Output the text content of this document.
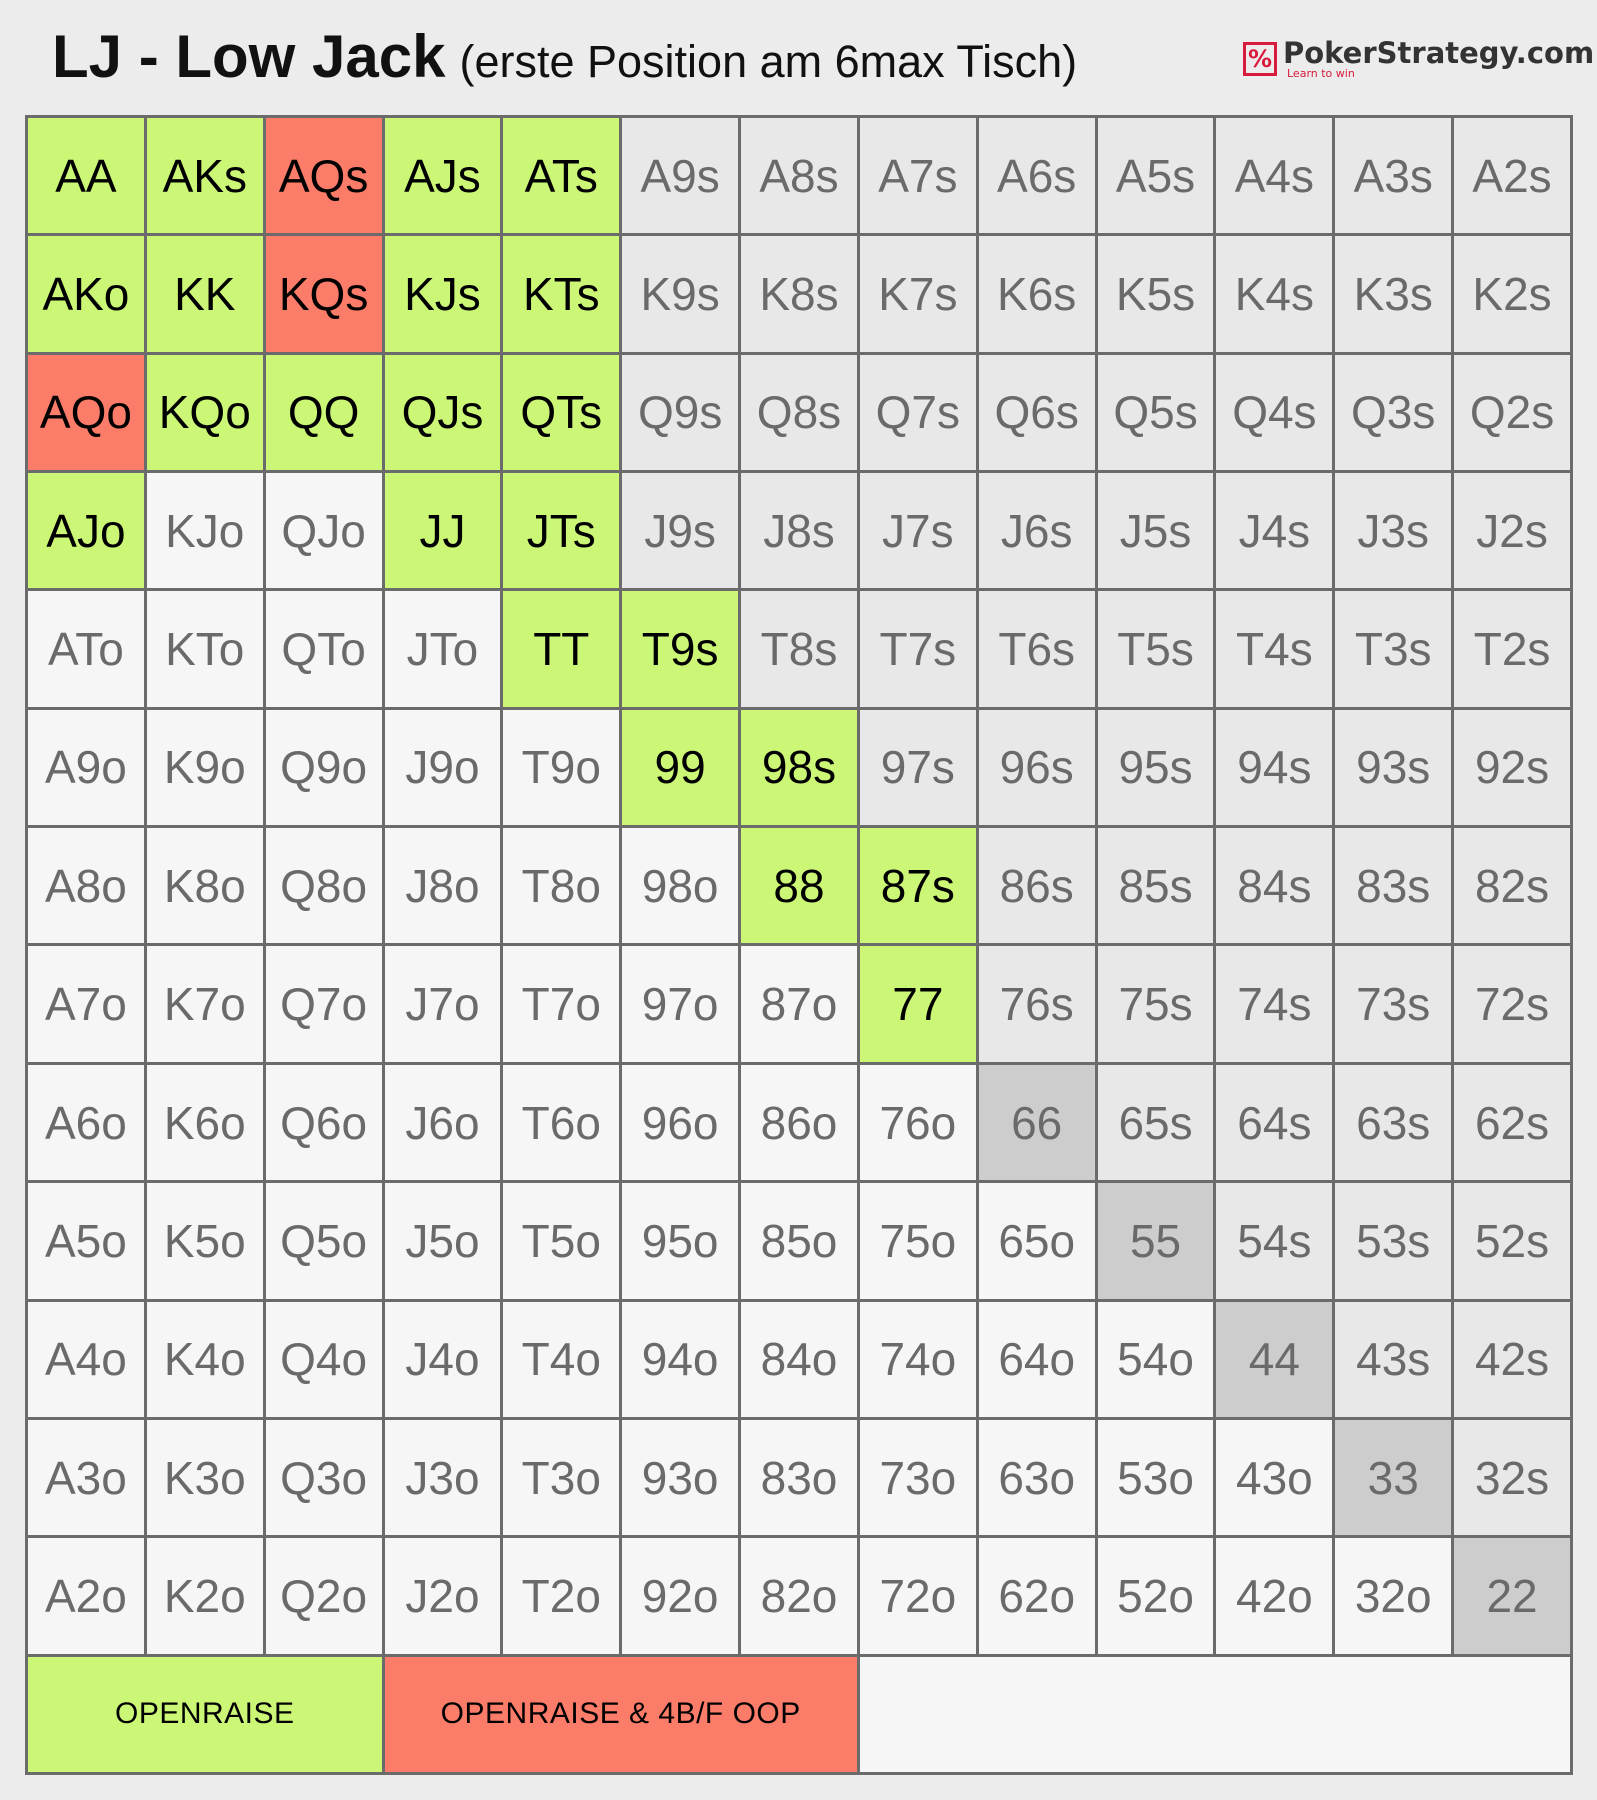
LJ - Low Jack (erste Position am 6max Tisch)	% PokerStrategy.com
Learn to win
AA AKs AQs AJs ATs A9s A8s A7s A6s A5s A4s A3s A2s
AKo KK KQs KJs KTs K9s K8s K7s K6s K5s K4s K3s K2s
AQo KQo QQ QJs QTs Q9s Q8s Q7s Q6s Q5s Q4s Q3s Q2s
AJo KJo QJo	JJ	JTs	J9s	J8s	J7s	J6s	J5s	J4s	J3s	J2s
ATo KTo QTo JTo	TT	T9s T8s T7s T6s T5s T4s T3s T2s
A9o K9o Q9o J9o T9o	99	98s 97s 96s 95s 94s 93s 92s
A8o K8o Q8o J8o T8o 98o	88	87s 86s 85s 84s 83s 82s
A7o K7o Q7o J7o T7o 97o 87o	77	76s 75s 74s 73s 72s
A6o K6o Q6o J6o T6o 96o 86o 76o	66	65s 64s 63s 62s
A5o K5o Q5o J5o T5o 95o 85o 75o 65o	55	54s 53s 52s
A4o K4o Q4o J4o T4o 94o 84o 74o 64o 54o	44	43s 42s
A3o K3o Q3o J3o T3o 93o 83o 73o 63o 53o 43o	33	32s
A2o K2o Q2o J2o T2o 92o 82o 72o 62o 52o 42o 32o	22
OPENRAISE	OPENRAISE & 4B/F OOP
